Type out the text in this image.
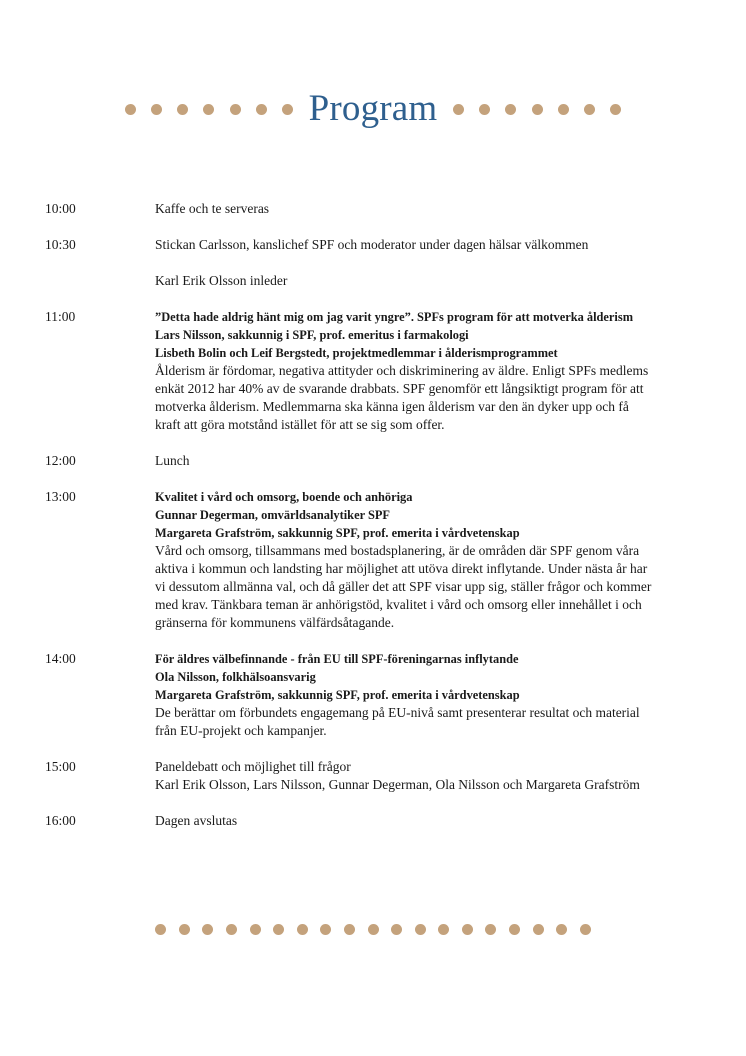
Program
10:00	Kaffe och te serveras
10:30	Stickan Carlsson, kanslichef SPF och moderator under dagen hälsar välkommen
Karl Erik Olsson inleder
11:00	”Detta hade aldrig hänt mig om jag varit yngre”. SPFs program för att motverka ålderism
Lars Nilsson, sakkunnig i SPF, prof. emeritus i farmakologi
Lisbeth Bolin och Leif Bergstedt, projektmedlemmar i ålderismprogrammet
Ålderism är fördomar, negativa attityder och diskriminering av äldre. Enligt SPFs medlems
enkät 2012 har 40% av de svarande drabbats. SPF genomför ett långsiktigt program för att
motverka ålderism. Medlemmarna ska känna igen ålderism var den än dyker upp och få
kraft att göra motstånd istället för att se sig som offer.
12:00	Lunch
13:00	Kvalitet i vård och omsorg, boende och anhöriga
Gunnar Degerman, omvärldsanalytiker SPF
Margareta Grafström, sakkunnig SPF, prof. emerita i vårdvetenskap
Vård och omsorg, tillsammans med bostadsplanering, är de områden där SPF genom våra
aktiva i kommun och landsting har möjlighet att utöva direkt inflytande. Under nästa år har
vi dessutom allmänna val, och då gäller det att SPF visar upp sig, ställer frågor och kommer
med krav. Tänkbara teman är anhörigstöd, kvalitet i vård och omsorg eller innehållet i och
gränserna för kommunens välfärdsåtagande.
14:00	För äldres välbefinnande - från EU till SPF-föreningarnas inflytande
Ola Nilsson, folkhälsoansvarig
Margareta Grafström, sakkunnig SPF, prof. emerita i vårdvetenskap
De berättar om förbundets engagemang på EU-nivå samt presenterar resultat och material
från EU-projekt och kampanjer.
15:00	Paneldebatt och möjlighet till frågor
Karl Erik Olsson, Lars Nilsson, Gunnar Degerman, Ola Nilsson och Margareta Grafström
16:00	Dagen avslutas
